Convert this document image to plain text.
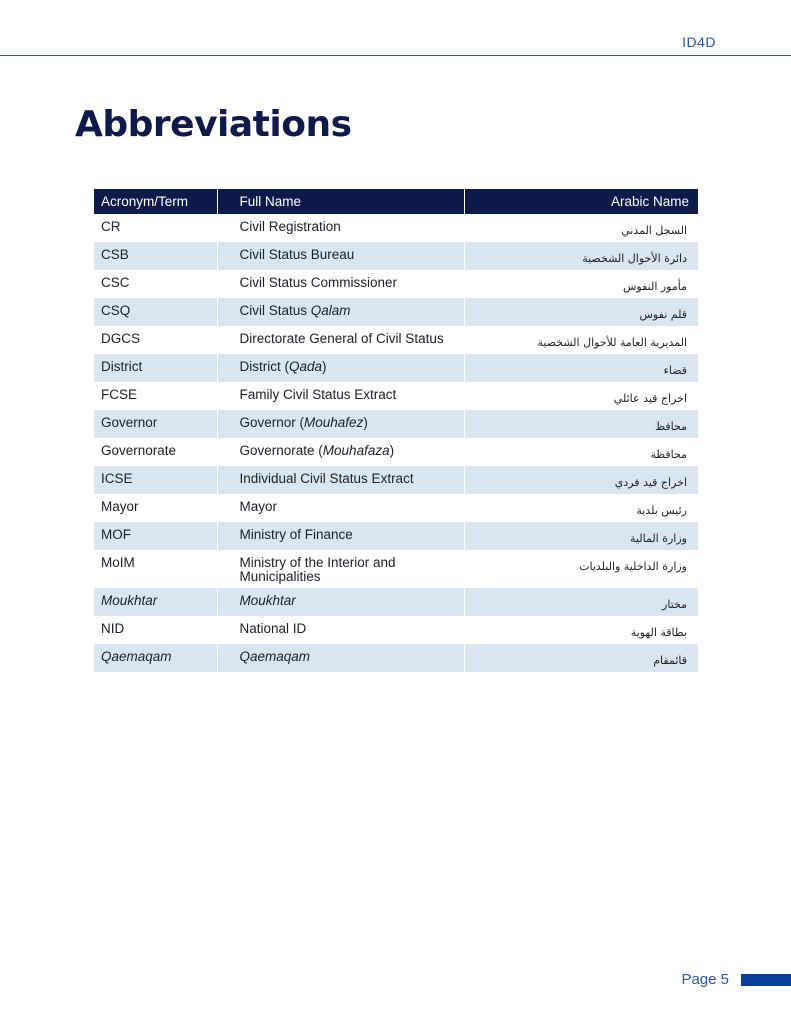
ID4D
Abbreviations
Acronym/Term	Full Name	Arabic Name
CR	Civil Registration	السجل المدني
CSB	Civil Status Bureau	دائرة الأحوال الشخصية
CSC	Civil Status Commissioner	مأمور النفوس
CSQ	Civil Status Qalam	قلم نفوس
DGCS	Directorate General of Civil Status	المديرية العامة للأحوال الشخصية
District	District (Qada)	قضاء
FCSE	Family Civil Status Extract	اخراج قيد عائلي
Governor	Governor (Mouhafez)	محافظ
Governorate	Governorate (Mouhafaza)	محافظة
ICSE	Individual Civil Status Extract	اخراج قيد فردي
Mayor	Mayor	رئيس بلدية
MOF	Ministry of Finance	وزارة المالية
MoIM	Ministry of the Interior and Municipalities	وزارة الداخلية والبلديات
Moukhtar	Moukhtar	مختار
NID	National ID	بطاقة الهوية
Qaemaqam	Qaemaqam	قائمقام
Page 5
